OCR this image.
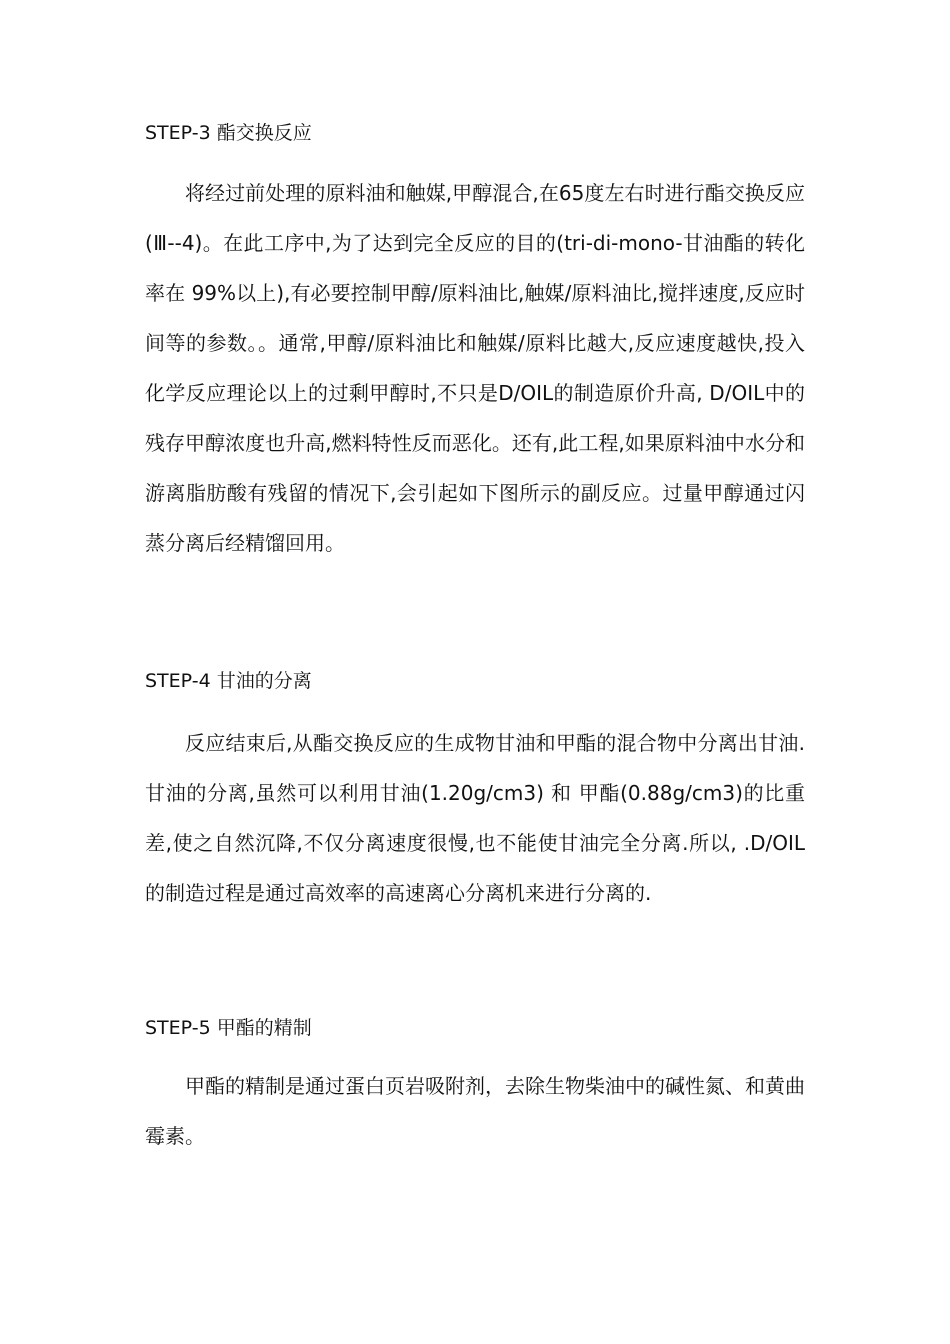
STEP-3 酯交换反应

将经过前处理的原料油和触媒,甲醇混合,在65度左右时进行酯交换反应(Ⅲ--4)。在此工序中,为了达到完全反应的目的(tri-di-mono-甘油酯的转化率在 99%以上),有必要控制甲醇/原料油比,触媒/原料油比,搅拌速度,反应时间等的参数。。通常,甲醇/原料油比和触媒/原料比越大,反应速度越快,投入化学反应理论以上的过剩甲醇时,不只是D/OIL的制造原价升高, D/OIL中的残存甲醇浓度也升高,燃料特性反而恶化。还有,此工程,如果原料油中水分和游离脂肪酸有残留的情况下,会引起如下图所示的副反应。过量甲醇通过闪蒸分离后经精馏回用。

STEP-4 甘油的分离

反应结束后,从酯交换反应的生成物甘油和甲酯的混合物中分离出甘油. 甘油的分离,虽然可以利用甘油(1.20g/cm3) 和 甲酯(0.88g/cm3)的比重差,使之自然沉降,不仅分离速度很慢,也不能使甘油完全分离.所以, .D/OIL 的制造过程是通过高效率的高速离心分离机来进行分离的.

STEP-5 甲酯的精制

甲酯的精制是通过蛋白页岩吸附剂，去除生物柴油中的碱性氮、和黄曲霉素。
